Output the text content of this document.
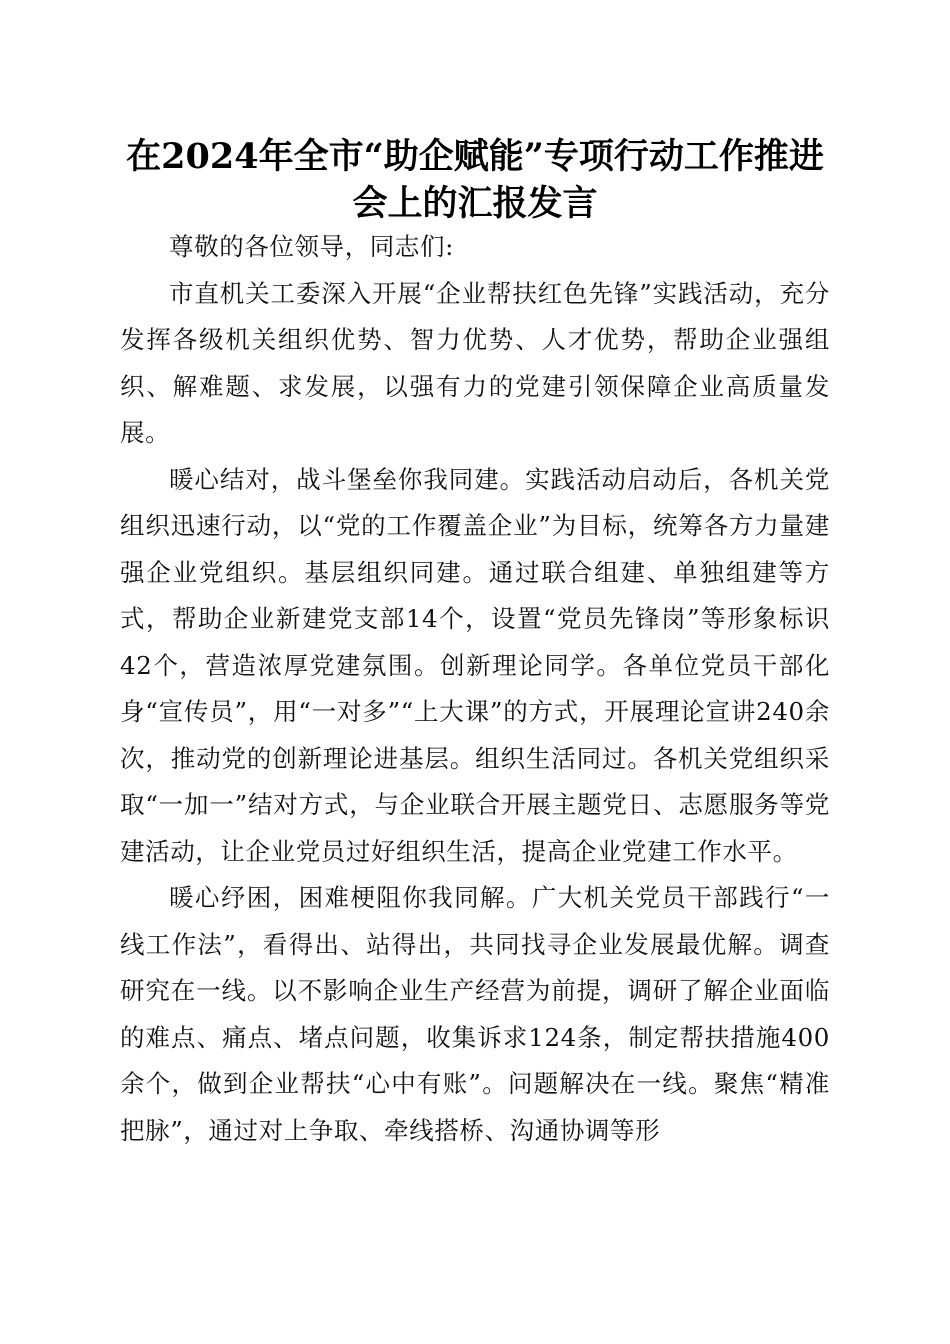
在2024年全市“助企赋能”专项行动工作推进会上的汇报发言

尊敬的各位领导，同志们:

市直机关工委深入开展“企业帮扶红色先锋”实践活动，充分发挥各级机关组织优势、智力优势、人才优势，帮助企业强组织、解难题、求发展，以强有力的党建引领保障企业高质量发展。

暖心结对，战斗堡垒你我同建。实践活动启动后，各机关党组织迅速行动，以“党的工作覆盖企业”为目标，统筹各方力量建强企业党组织。基层组织同建。通过联合组建、单独组建等方式，帮助企业新建党支部14个，设置“党员先锋岗”等形象标识42个，营造浓厚党建氛围。创新理论同学。各单位党员干部化身“宣传员”，用“一对多”“上大课”的方式，开展理论宣讲240余次，推动党的创新理论进基层。组织生活同过。各机关党组织采取“一加一”结对方式，与企业联合开展主题党日、志愿服务等党建活动，让企业党员过好组织生活，提高企业党建工作水平。

暖心纾困，困难梗阻你我同解。广大机关党员干部践行“一线工作法”，看得出、站得出，共同找寻企业发展最优解。调查研究在一线。以不影响企业生产经营为前提，调研了解企业面临的难点、痛点、堵点问题，收集诉求124条，制定帮扶措施400余个，做到企业帮扶“心中有账”。问题解决在一线。聚焦“精准把脉”，通过对上争取、牵线搭桥、沟通协调等形
